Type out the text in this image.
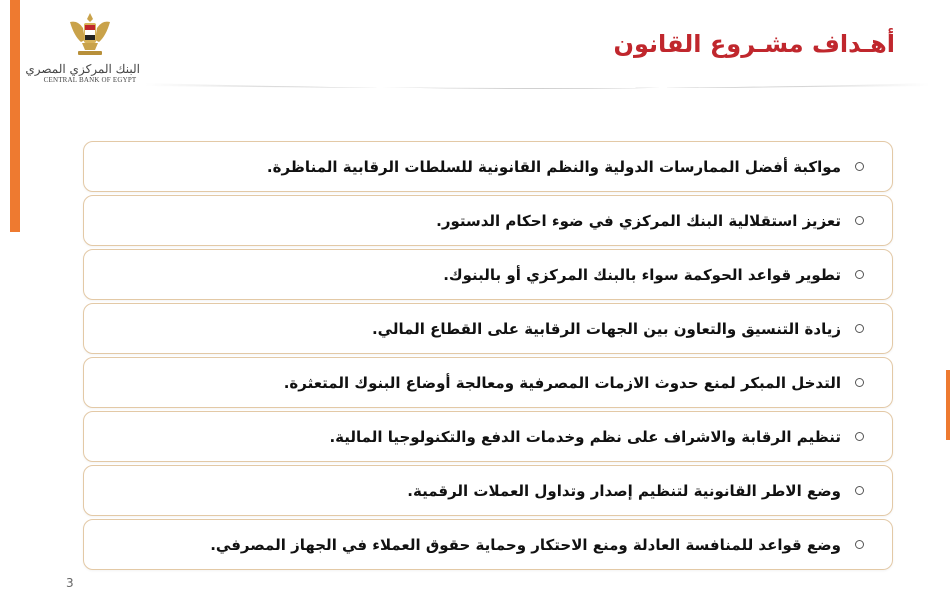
البنك المركزي المصري
CENTRAL BANK OF EGYPT
أهـداف مشـروع القانون
مواكبة أفضل الممارسات الدولية والنظم القانونية للسلطات الرقابية المناظرة.
تعزيز استقلالية البنك المركزي في ضوء احكام الدستور.
تطوير قواعد الحوكمة سواء بالبنك المركزي أو بالبنوك.
زيادة التنسيق والتعاون بين الجهات الرقابية على القطاع المالي.
التدخل المبكر لمنع حدوث الازمات المصرفية ومعالجة أوضاع البنوك المتعثرة.
تنظيم الرقابة والاشراف على نظم وخدمات الدفع والتكنولوجيا المالية.
وضع الاطر القانونية لتنظيم إصدار وتداول العملات الرقمية.
وضع قواعد للمنافسة العادلة ومنع الاحتكار وحماية حقوق العملاء في الجهاز المصرفي.
3
